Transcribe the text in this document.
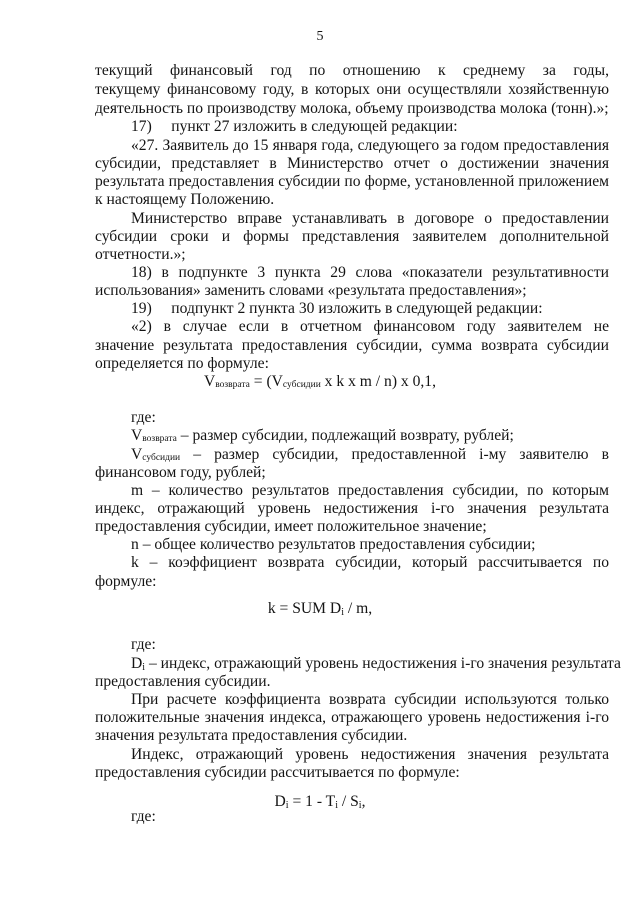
5
текущий финансовый год по отношению к среднему за годы,
текущему финансовому году, в которых они осуществляли хозяйственную
деятельность по производству молока, объему производства молока (тонн).»;
17)     пункт 27 изложить в следующей редакции:
«27. Заявитель до 15 января года, следующего за годом предоставления
субсидии, представляет в Министерство отчет о достижении значения
результата предоставления субсидии по форме, установленной приложением
к настоящему Положению.
Министерство вправе устанавливать в договоре о предоставлении
субсидии сроки и формы представления заявителем дополнительной
отчетности.»;
18) в подпункте 3 пункта 29 слова «показатели результативности
использования» заменить словами «результата предоставления»;
19)     подпункт 2 пункта 30 изложить в следующей редакции:
«2) в случае если в отчетном финансовом году заявителем не
значение результата предоставления субсидии, сумма возврата субсидии
определяется по формуле:
Vвозврата = (Vсубсидии x k x m / n) x 0,1,
где:
Vвозврата – размер субсидии, подлежащий возврату, рублей;
Vсубсидии – размер субсидии, предоставленной i-му заявителю в
финансовом году, рублей;
m – количество результатов предоставления субсидии, по которым
индекс, отражающий уровень недостижения i-го значения результата
предоставления субсидии, имеет положительное значение;
n – общее количество результатов предоставления субсидии;
k – коэффициент возврата субсидии, который рассчитывается по
формуле:
k = SUM Di / m,
где:
Di – индекс, отражающий уровень недостижения i-го значения результата
предоставления субсидии.
При расчете коэффициента возврата субсидии используются только
положительные значения индекса, отражающего уровень недостижения i-го
значения результата предоставления субсидии.
Индекс, отражающий уровень недостижения значения результата
предоставления субсидии рассчитывается по формуле:
Di = 1 - Ti / Si,
где:
